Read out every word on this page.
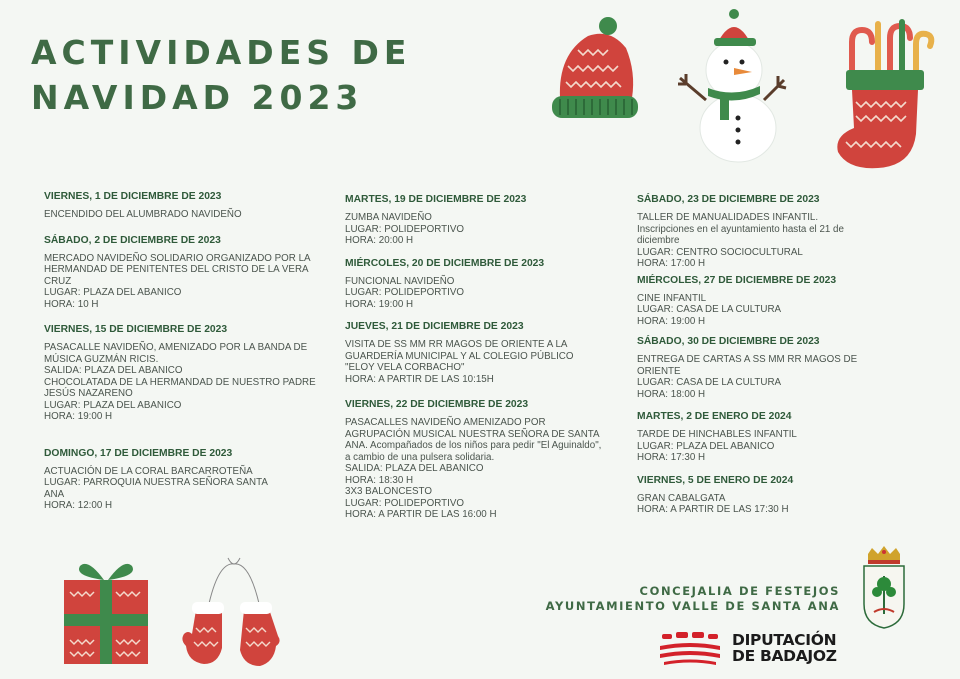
ACTIVIDADES DE
NAVIDAD 2023
VIERNES, 1 DE DICIEMBRE DE 2023
ENCENDIDO DEL ALUMBRADO NAVIDEÑO
SÁBADO, 2 DE DICIEMBRE DE 2023
MERCADO NAVIDEÑO SOLIDARIO ORGANIZADO POR LA HERMANDAD DE PENITENTES DEL CRISTO DE LA VERA CRUZ
LUGAR: PLAZA DEL ABANICO
HORA: 10 H
VIERNES, 15 DE DICIEMBRE DE 2023
PASACALLE NAVIDEÑO, AMENIZADO POR LA BANDA DE MÚSICA GUZMÁN RICIS.
SALIDA: PLAZA DEL ABANICO
CHOCOLATADA DE LA HERMANDAD DE NUESTRO PADRE JESÚS NAZARENO
LUGAR: PLAZA DEL ABANICO
HORA: 19:00 H
DOMINGO, 17 DE DICIEMBRE DE 2023
ACTUACIÓN DE LA CORAL BARCARROTEÑA
LUGAR: PARROQUIA NUESTRA SEÑORA SANTA ANA
HORA: 12:00 H
MARTES, 19 DE DICIEMBRE DE 2023
ZUMBA NAVIDEÑO
LUGAR: POLIDEPORTIVO
HORA: 20:00 H
MIÉRCOLES, 20 DE DICIEMBRE DE 2023
FUNCIONAL NAVIDEÑO
LUGAR: POLIDEPORTIVO
HORA: 19:00 H
JUEVES, 21 DE DICIEMBRE DE 2023
VISITA DE SS MM RR MAGOS DE ORIENTE A LA GUARDERÍA MUNICIPAL Y AL COLEGIO PÚBLICO "ELOY VELA CORBACHO"
HORA: A PARTIR DE LAS 10:15H
VIERNES, 22 DE DICIEMBRE DE 2023
PASACALLES NAVIDEÑO AMENIZADO POR AGRUPACIÓN MUSICAL NUESTRA SEÑORA DE SANTA ANA. Acompañados de los niños para pedir "El Aguinaldo", a cambio de una pulsera solidaria.
SALIDA: PLAZA DEL ABANICO
HORA: 18:30 H
3X3 BALONCESTO
LUGAR: POLIDEPORTIVO
HORA: A PARTIR DE LAS 16:00 H
SÁBADO, 23 DE DICIEMBRE DE 2023
TALLER DE MANUALIDADES INFANTIL.
Inscripciones en el ayuntamiento hasta el 21 de diciembre
LUGAR: CENTRO SOCIOCULTURAL
HORA: 17:00 H
MIÉRCOLES, 27 DE DICIEMBRE DE 2023
CINE INFANTIL
LUGAR: CASA DE LA CULTURA
HORA: 19:00 H
SÁBADO, 30 DE DICIEMBRE DE 2023
ENTREGA DE CARTAS A SS MM RR MAGOS DE ORIENTE
LUGAR: CASA DE LA CULTURA
HORA: 18:00 H
MARTES, 2 DE ENERO DE 2024
TARDE DE HINCHABLES INFANTIL
LUGAR: PLAZA DEL ABANICO
HORA: 17:30 H
VIERNES, 5 DE ENERO DE 2024
GRAN CABALGATA
HORA: A PARTIR DE LAS 17:30 H
CONCEJALIA DE FESTEJOS
AYUNTAMIENTO VALLE DE SANTA ANA
DIPUTACIÓN
DE BADAJOZ
